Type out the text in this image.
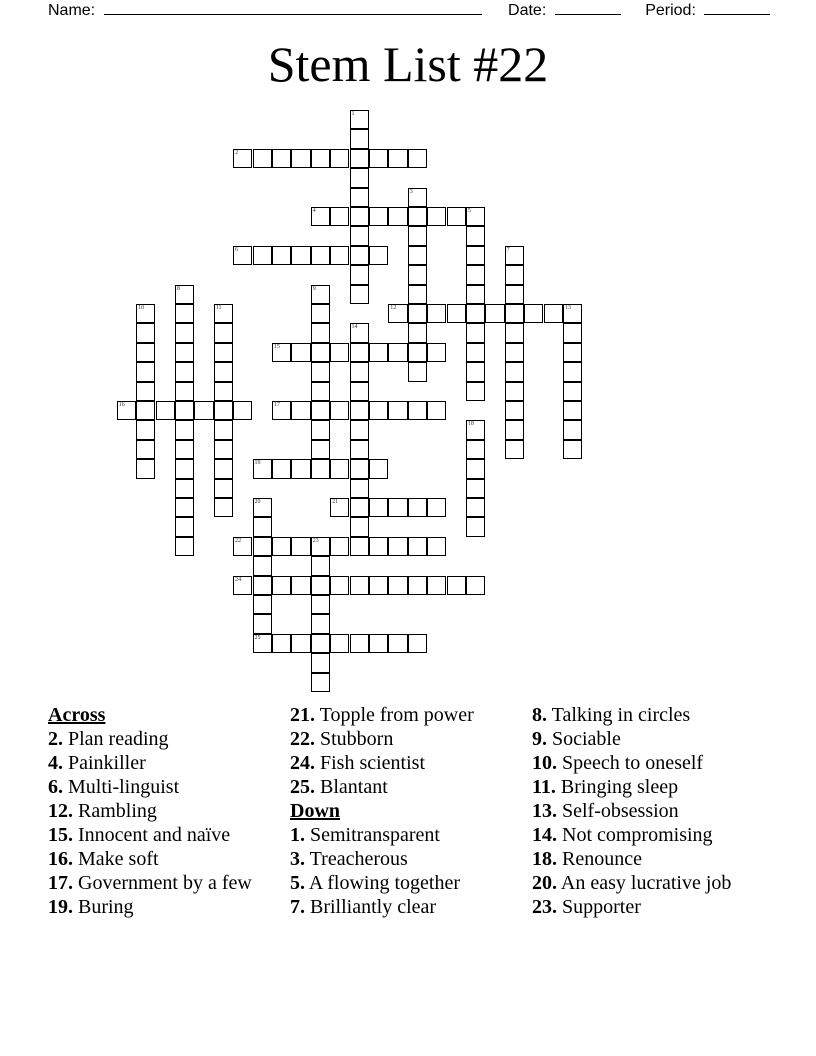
Name:	Date:	Period:
Stem List #22
2
4	5
6
12	13
15
16	17
19
21
22	23
24
25
1
3
7
8	9
10	11
14
18
20
Across
2. Plan reading
4. Painkiller
6. Multi-linguist
12. Rambling
15. Innocent and naïve
16. Make soft
17. Government by a few
19. Buring
21. Topple from power
22. Stubborn
24. Fish scientist
25. Blantant
Down
1. Semitransparent
3. Treacherous
5. A flowing together
7. Brilliantly clear
8. Talking in circles
9. Sociable
10. Speech to oneself
11. Bringing sleep
13. Self-obsession
14. Not compromising
18. Renounce
20. An easy lucrative job
23. Supporter
